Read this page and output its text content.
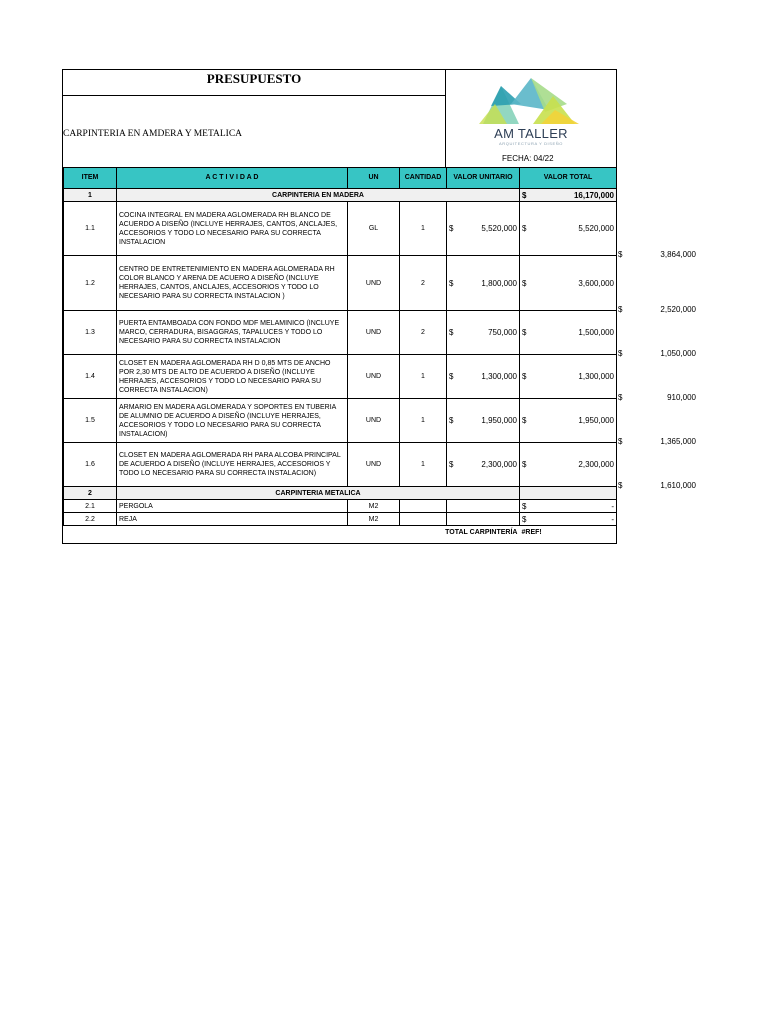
PRESUPUESTO
CARPINTERIA EN AMDERA Y METALICA	AM TALLER
ARQUITECTURA Y DISEÑO
FECHA: 04/22
ITEM	A C T I V I D A D	UN	CANTIDAD	VALOR UNITARIO	VALOR TOTAL
1	CARPINTERIA EN MADERA				$ 16,170,000

1.1	COCINA INTEGRAL EN MADERA AGLOMERADA RH BLANCO DE ACUERDO A DISEÑO (INCLUYE HERRAJES, CANTOS, ANCLAJES, ACCESORIOS Y TODO LO NECESARIO PARA SU CORRECTA INSTALACION	GL	1	$ 5,520,000	$ 5,520,000

1.2	CENTRO DE ENTRETENIMIENTO EN MADERA AGLOMERADA RH COLOR BLANCO Y ARENA DE ACUERO A DISEÑO (INCLUYE HERRAJES, CANTOS, ANCLAJES, ACCESORIOS Y TODO LO NECESARIO PARA SU CORRECTA INSTALACION )	UND	2	$ 1,800,000	$ 3,600,000

1.3	PUERTA ENTAMBOADA CON FONDO MDF MELAMINICO (INCLUYE MARCO, CERRADURA, BISAGGRAS, TAPALUCES Y TODO LO NECESARIO PARA SU CORRECTA INSTALACION	UND	2	$ 750,000	$ 1,500,000

1.4	CLOSET EN MADERA AGLOMERADA RH D 0,85 MTS DE ANCHO POR 2,30 MTS DE ALTO DE ACUERDO A DISEÑO (INCLUYE HERRAJES, ACCESORIOS Y TODO LO NECESARIO PARA SU CORRECTA INSTALACION)	UND	1	$ 1,300,000	$ 1,300,000

1.5	ARMARIO EN MADERA AGLOMERADA Y SOPORTES EN TUBERIA DE ALUMNIO DE ACUERDO A DISEÑO (INCLUYE HERRAJES, ACCESORIOS Y TODO LO NECESARIO PARA SU CORRECTA INSTALACION)	UND	1	$ 1,950,000	$ 1,950,000

1.6	CLOSET EN MADERA AGLOMERADA RH PARA ALCOBA PRINCIPAL DE ACUERDO A DISEÑO (INCLUYE HERRAJES, ACCESORIOS Y TODO LO NECESARIO PARA SU CORRECTA INSTALACION)	UND	1	$ 2,300,000	$ 2,300,000

2	CARPINTERIA METALICA				
2.1	PERGOLA	M2			$ -

2.2	REJA	M2			$ -

TOTAL CARPINTERÍA					#REF!
$	3,864,000
$	2,520,000
$	1,050,000
$	910,000
$	1,365,000
$	1,610,000
